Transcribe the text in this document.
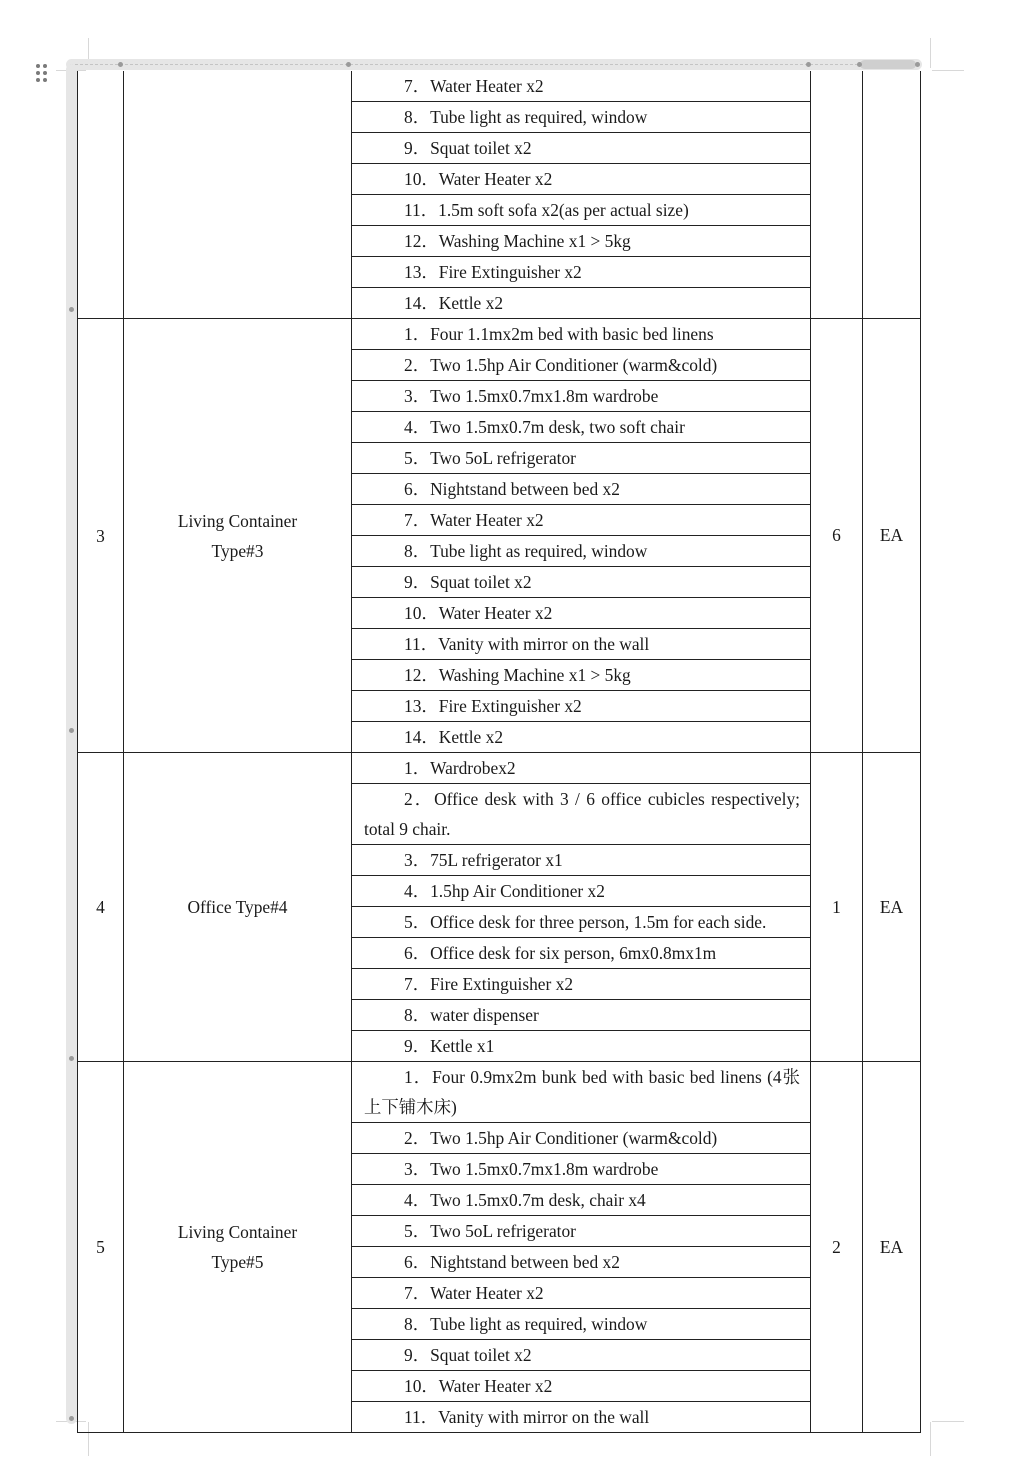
		7．Water Heater x2		

		8．Tube light as required, window		

		9．Squat toilet x2		

		10．Water Heater x2		

		11．1.5m soft sofa x2(as per actual size)		

		12．Washing Machine x1 > 5kg		

		13．Fire Extinguisher x2		

		14．Kettle x2		

3	Living Container
Type#3	1．Four 1.1mx2m bed with basic bed linens	6	EA

		2．Two 1.5hp Air Conditioner (warm&cold)		

		3．Two 1.5mx0.7mx1.8m wardrobe		

		4．Two 1.5mx0.7m desk, two soft chair		

		5．Two 5oL refrigerator		

		6．Nightstand between bed x2		

		7．Water Heater x2		

		8．Tube light as required, window		

		9．Squat toilet x2		

		10．Water Heater x2		

		11．Vanity with mirror on the wall		

		12．Washing Machine x1 > 5kg		

		13．Fire Extinguisher x2		

		14．Kettle x2		

4	Office Type#4	1．Wardrobex2	1	EA

		2．Office desk with 3 / 6 office cubicles respectively; total 9 chair.		

		3．75L refrigerator x1		

		4．1.5hp Air Conditioner x2		

		5．Office desk for three person, 1.5m for each side.		

		6．Office desk for six person, 6mx0.8mx1m		

		7．Fire Extinguisher x2		

		8．water dispenser		

		9．Kettle x1		

5	Living Container
Type#5	1．Four 0.9mx2m bunk bed with basic bed linens (4张上下铺木床)	2	EA

		2．Two 1.5hp Air Conditioner (warm&cold)		

		3．Two 1.5mx0.7mx1.8m wardrobe		

		4．Two 1.5mx0.7m desk, chair x4		

		5．Two 5oL refrigerator		

		6．Nightstand between bed x2		

		7．Water Heater x2		

		8．Tube light as required, window		

		9．Squat toilet x2		

		10．Water Heater x2		

		11．Vanity with mirror on the wall		
